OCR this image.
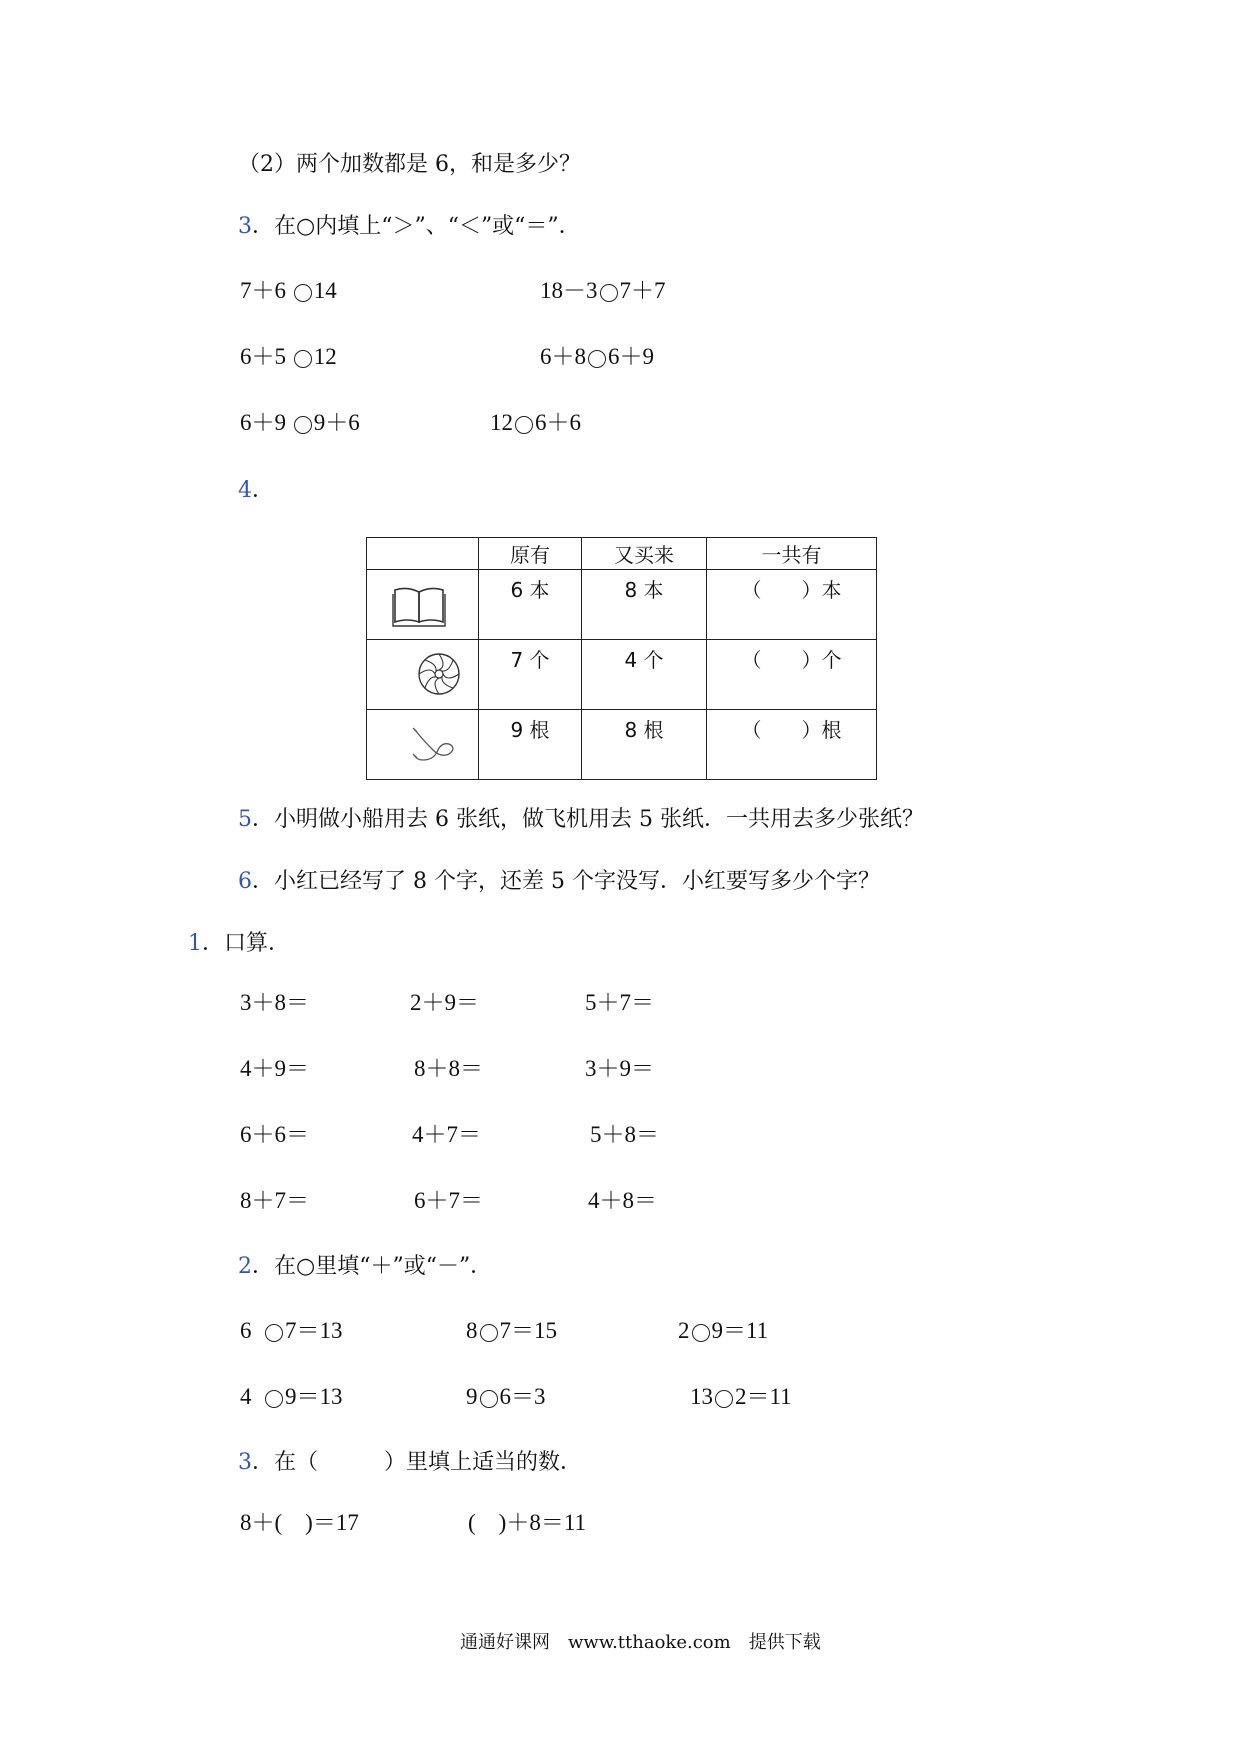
（2）两个加数都是 6，和是多少？
3．在○内填上“＞”、“＜”或“＝”．
7＋6 14	18－3 7＋7
6＋5 12	6＋8 6＋9
6＋9 9＋6	12 6＋6
4．
	原有	又买来	一共有

6 本	8 本	（　　）本

7 个	4 个	（　　）个

9 根	8 根	（　　）根
5．小明做小船用去 6 张纸，做飞机用去 5 张纸．一共用去多少张纸？
6．小红已经写了 8 个字，还差 5 个字没写．小红要写多少个字？
1．口算．
3＋8＝	2＋9＝	5＋7＝
4＋9＝	8＋8＝	3＋9＝
6＋6＝	4＋7＝	5＋8＝
8＋7＝	6＋7＝	4＋8＝
2．在○里填“＋”或“－”．
6 7＝13	8 7＝15	2 9＝11
4 9＝13	9 6＝3	13 2＝11
3．在（　　　）里填上适当的数．
8＋(　)＝17	(　)＋8＝11
通通好课网　www.tthaoke.com　提供下载
